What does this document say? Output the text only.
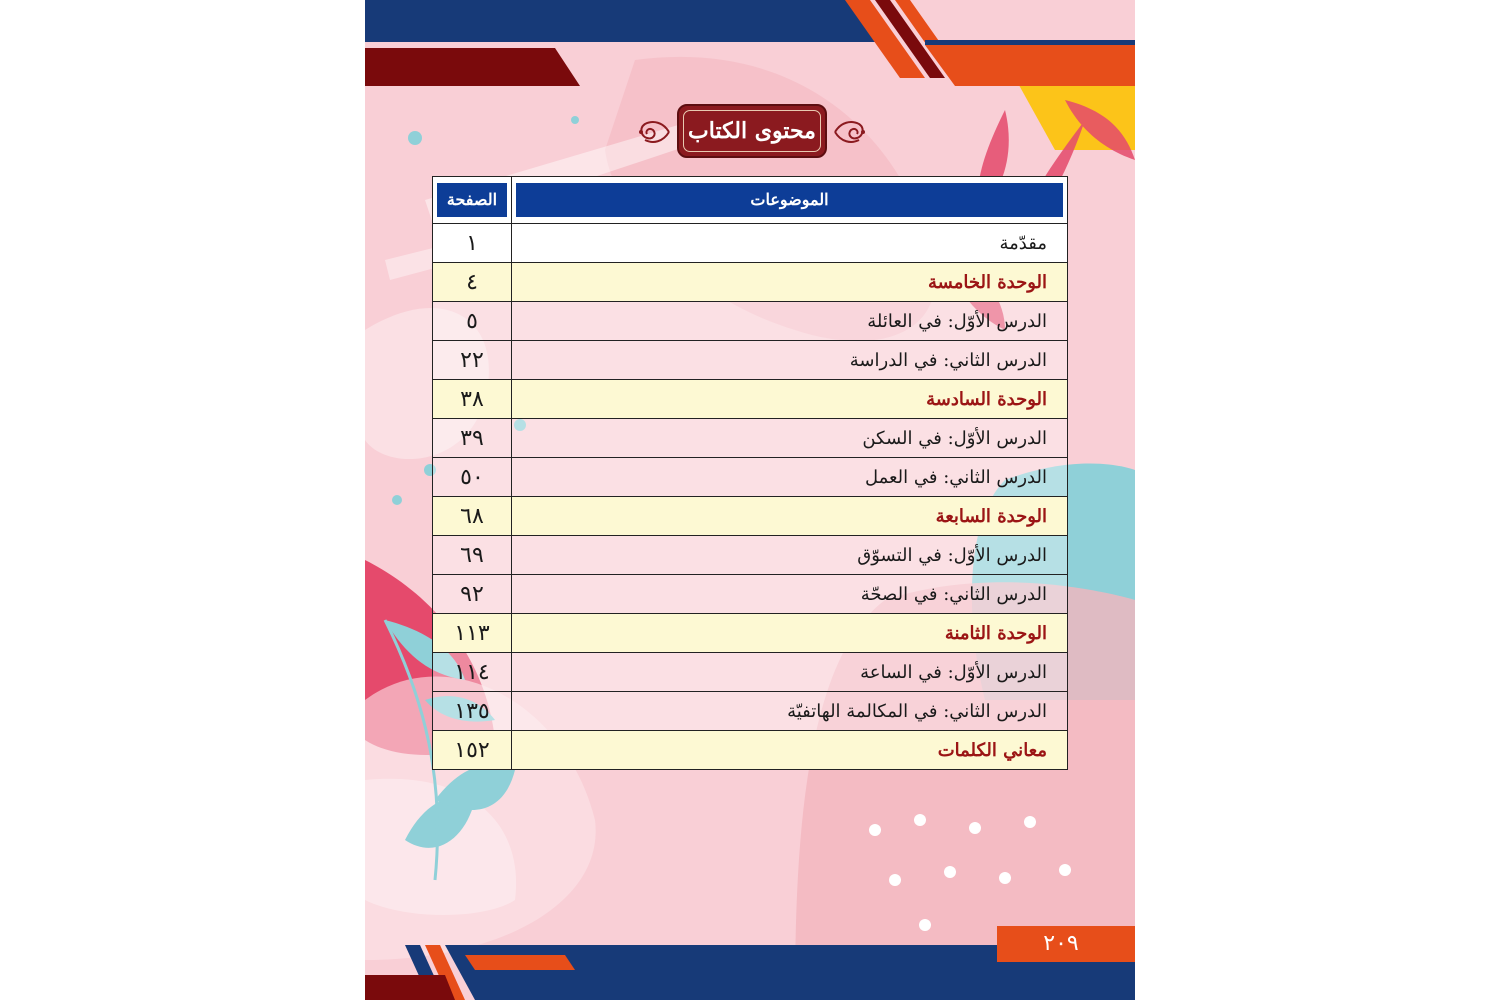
محتوى الكتاب
الموضوعات	الصفحة

مقدّمة	١
الوحدة الخامسة	٤
الدرس الأوّل: في العائلة	٥
الدرس الثاني: في الدراسة	٢٢
الوحدة السادسة	٣٨
الدرس الأوّل: في السكن	٣٩
الدرس الثاني: في العمل	٥٠
الوحدة السابعة	٦٨
الدرس الأوّل: في التسوّق	٦٩
الدرس الثاني: في الصحّة	٩٢
الوحدة الثامنة	١١٣
الدرس الأوّل: في الساعة	١١٤
الدرس الثاني: في المكالمة الهاتفيّة	١٣٥
معاني الكلمات	١٥٢
٢٠٩
